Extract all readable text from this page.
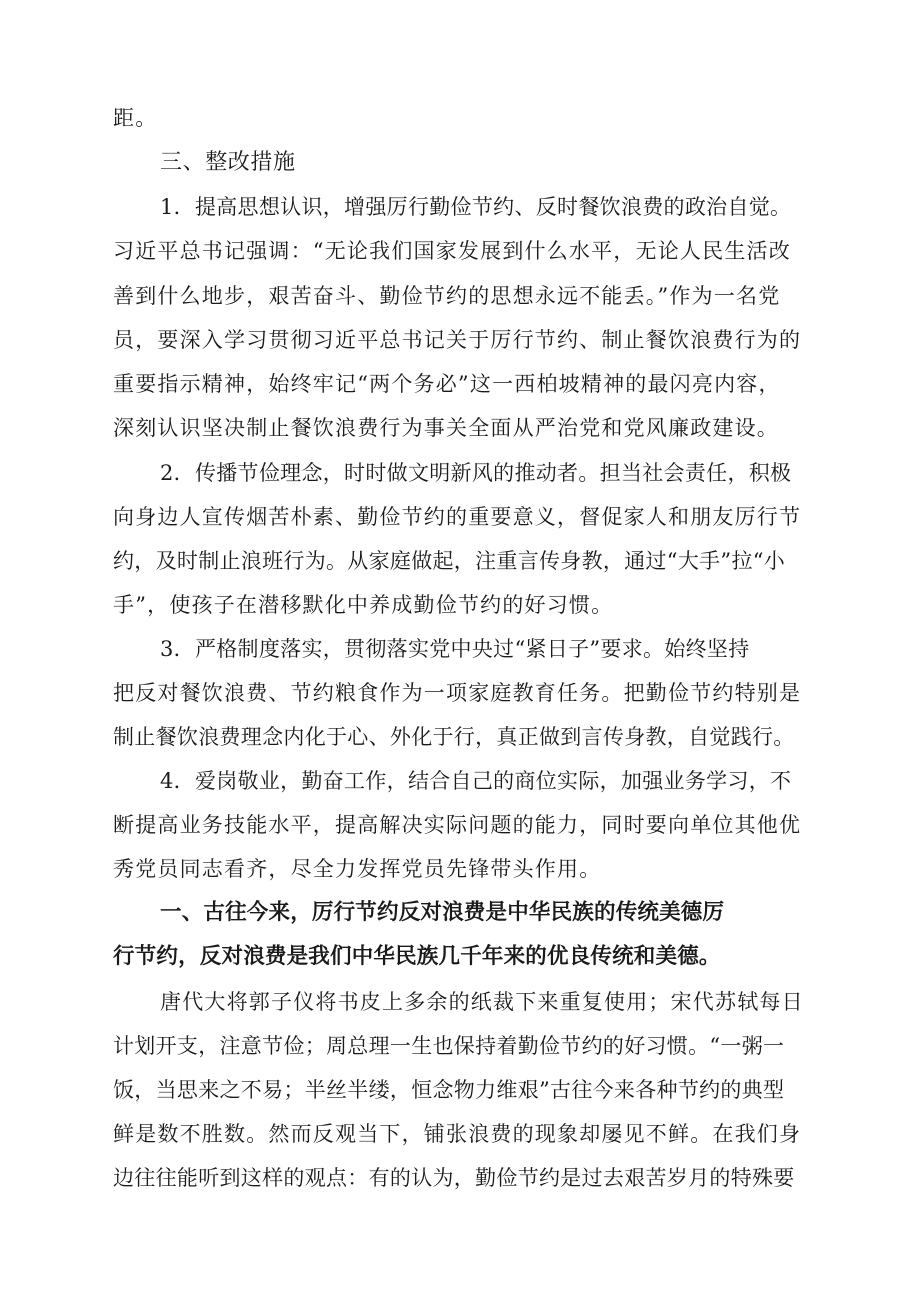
距。
三、整改措施
1．提高思想认识，增强厉行勤俭节约、反时餐饮浪费的政治自觉。
习近平总书记强调：“无论我们国家发展到什么水平，无论人民生活改
善到什么地步，艰苦奋斗、勤俭节约的思想永远不能丢。”作为一名党
员，要深入学习贯彻习近平总书记关于厉行节约、制止餐饮浪费行为的
重要指示精神，始终牢记“两个务必”这一西柏坡精神的最闪亮内容，
深刻认识坚决制止餐饮浪费行为事关全面从严治党和党风廉政建设。
2．传播节俭理念，时时做文明新风的推动者。担当社会责任，积极
向身边人宣传烟苦朴素、勤俭节约的重要意义，督促家人和朋友厉行节
约，及时制止浪班行为。从家庭做起，注重言传身教，通过“大手”拉“小
手”，使孩子在潜移默化中养成勤俭节约的好习惯。
3．严格制度落实，贯彻落实党中央过“紧日子”要求。始终坚持
把反对餐饮浪费、节约粮食作为一项家庭教育任务。把勤俭节约特别是
制止餐饮浪费理念内化于心、外化于行，真正做到言传身教，自觉践行。
4．爱岗敬业，勤奋工作，结合自己的商位实际，加强业务学习，不
断提高业务技能水平，提高解决实际问题的能力，同时要向单位其他优
秀党员同志看齐，尽全力发挥党员先锋带头作用。
一、古往今来，厉行节约反对浪费是中华民族的传统美德厉
行节约，反对浪费是我们中华民族几千年来的优良传统和美德。
唐代大将郭子仪将书皮上多余的纸裁下来重复使用；宋代苏轼每日
计划开支，注意节俭；周总理一生也保持着勤俭节约的好习惯。“一粥一
饭，当思来之不易；半丝半缕，恒念物力维艰”古往今来各种节约的典型
鲜是数不胜数。然而反观当下，铺张浪费的现象却屡见不鲜。在我们身
边往往能听到这样的观点：有的认为，勤俭节约是过去艰苦岁月的特殊要
